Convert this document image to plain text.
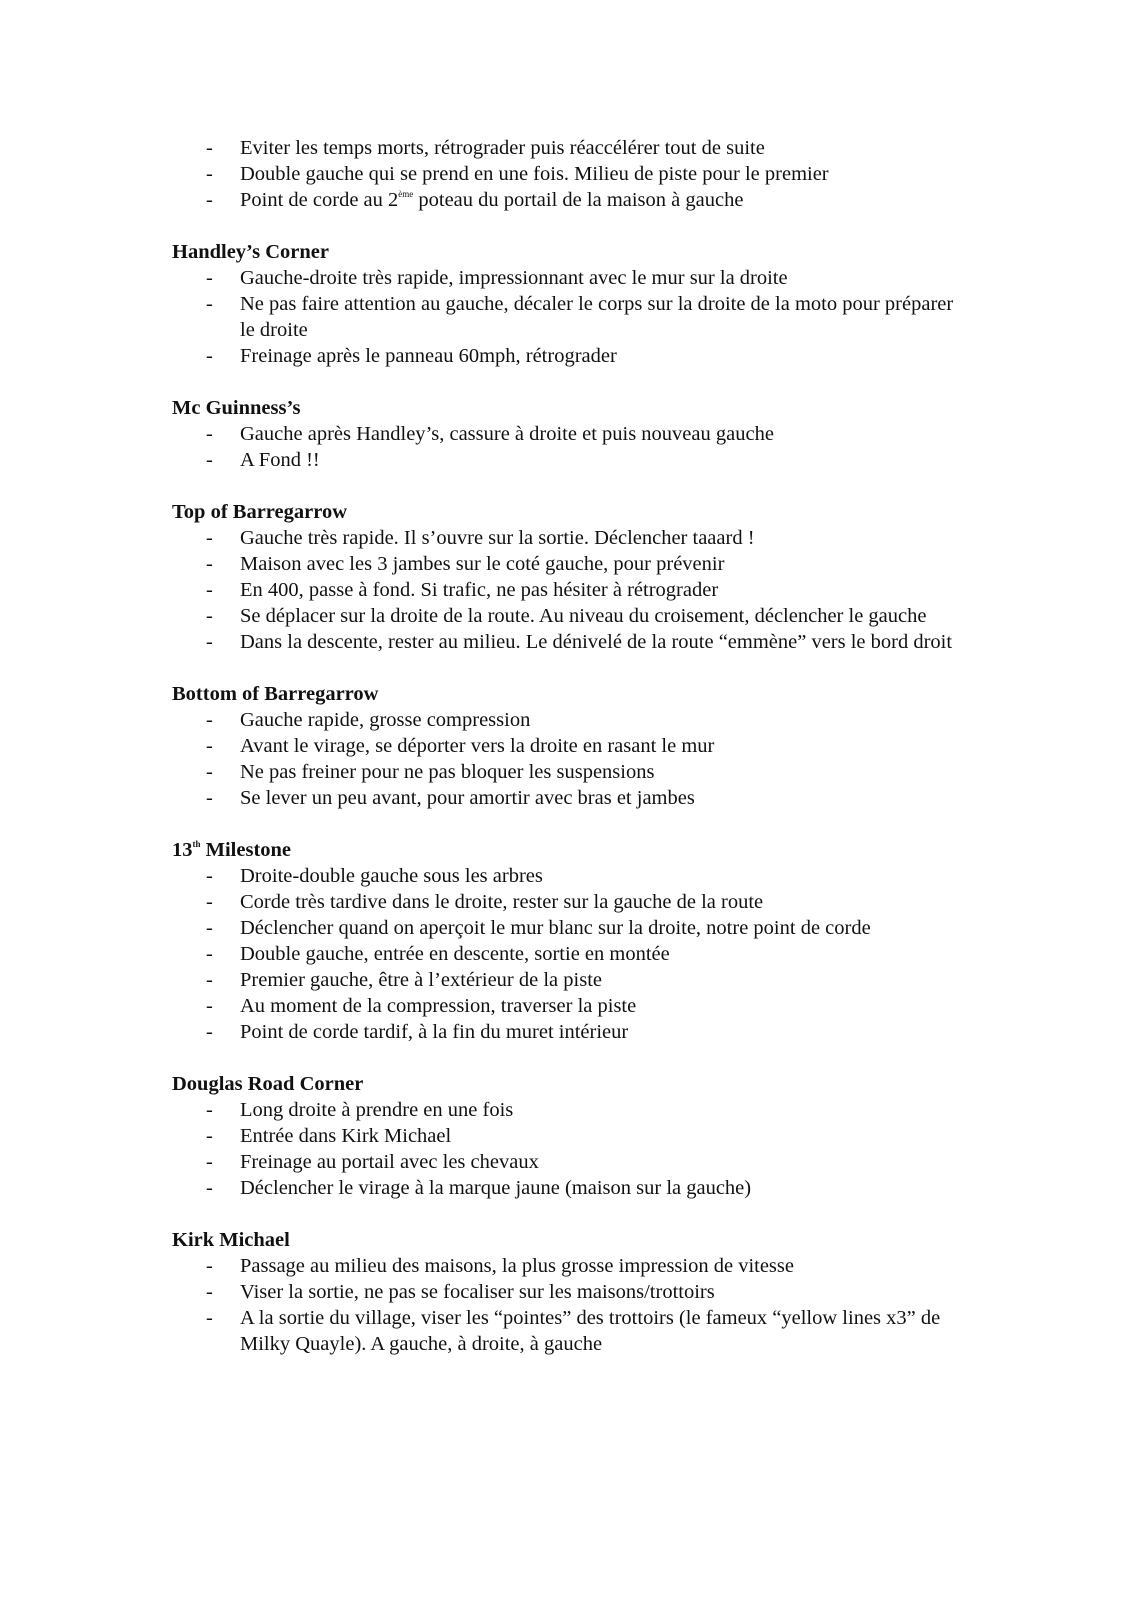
- Eviter les temps morts, rétrograder puis réaccélérer tout de suite
- Double gauche qui se prend en une fois. Milieu de piste pour le premier
- Point de corde au 2ème poteau du portail de la maison à gauche
Handley’s Corner
- Gauche-droite très rapide, impressionnant avec le mur sur la droite
- Ne pas faire attention au gauche, décaler le corps sur la droite de la moto pour préparer le droite
- Freinage après le panneau 60mph, rétrograder
Mc Guinness’s
- Gauche après Handley’s, cassure à droite et puis nouveau gauche
- A Fond !!
Top of Barregarrow
- Gauche très rapide. Il s’ouvre sur la sortie. Déclencher taaard !
- Maison avec les 3 jambes sur le coté gauche, pour prévenir
- En 400, passe à fond. Si trafic, ne pas hésiter à rétrograder
- Se déplacer sur la droite de la route. Au niveau du croisement, déclencher le gauche
- Dans la descente, rester au milieu. Le dénivelé de la route “emmène” vers le bord droit
Bottom of Barregarrow
- Gauche rapide, grosse compression
- Avant le virage, se déporter vers la droite en rasant le mur
- Ne pas freiner pour ne pas bloquer les suspensions
- Se lever un peu avant, pour amortir avec bras et jambes
13th Milestone
- Droite-double gauche sous les arbres
- Corde très tardive dans le droite, rester sur la gauche de la route
- Déclencher quand on aperçoit le mur blanc sur la droite, notre point de corde
- Double gauche, entrée en descente, sortie en montée
- Premier gauche, être à l’extérieur de la piste
- Au moment de la compression, traverser la piste
- Point de corde tardif, à la fin du muret intérieur
Douglas Road Corner
- Long droite à prendre en une fois
- Entrée dans Kirk Michael
- Freinage au portail avec les chevaux
- Déclencher le virage à la marque jaune (maison sur la gauche)
Kirk Michael
- Passage au milieu des maisons, la plus grosse impression de vitesse
- Viser la sortie, ne pas se focaliser sur les maisons/trottoirs
- A la sortie du village, viser les “pointes” des trottoirs (le fameux “yellow lines x3” de Milky Quayle). A gauche, à droite, à gauche
